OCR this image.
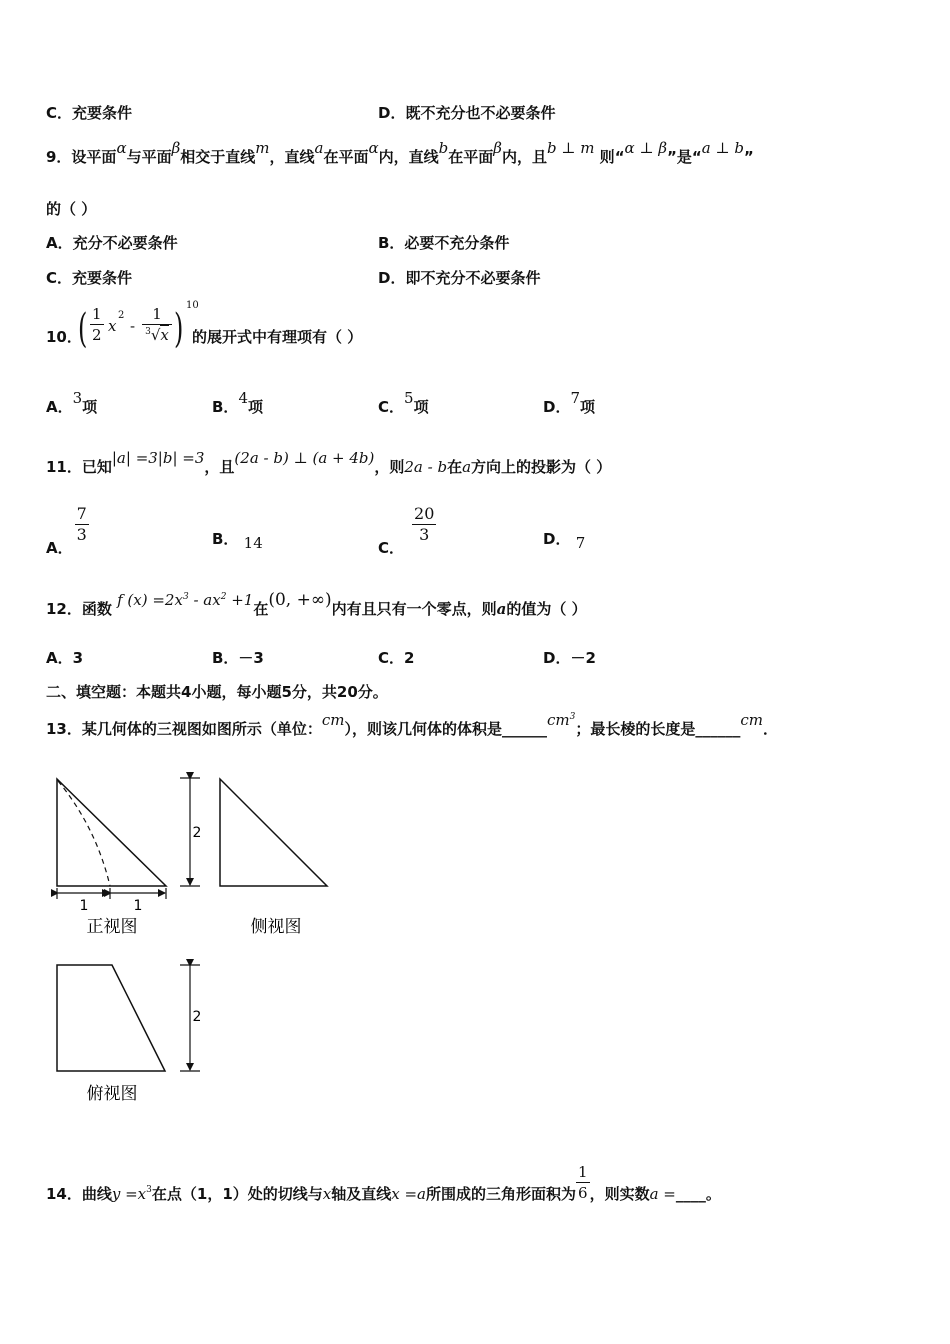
C．充要条件	D．既不充分也不必要条件
9．设平面α与平面β相交于直线m，直线a在平面α内，直线b在平面β内，且b ⊥ m 则“α ⊥ β”是“a ⊥ b”
的（ ）
A．充分不必要条件	B．必要不充分条件
C．充要条件	D．即不充分不必要条件
10．
( $\frac{1}{2}$ x
2
- $\frac{1}{^3√x}$ )
10
的展开式中有理项有（ ）
A．3项	B．4项	C．5项	D．7项
11．已知|a| =3|b| =3，且(2a - b) ⊥ (a + 4b)，则2a - b在a方向上的投影为（ ）
A．
$\frac{7}{3}$	B． 14	C．
$\frac{20}{3}$	D． 7
12．函数 f $(x) =2x^3 - ax^2 +1$在(0, +∞)内有且只有一个零点，则a的值为（ ）
A．3	B．－3	C．2	D．－2
二、填空题：本题共4小题，每小题5分，共20分。
13．某几何体的三视图如图所示（单位：cm），则该几何体的体积是$\_\_\_\_\_\_cm^3$；最长棱的长度是______cm．
1	1
正视图
2
侧视图
俯视图
2
14．曲线$y =x^3$在点（1，1）处的切线与x轴及直线x =a所围成的三角形面积为 $\frac{1}{6}$ ，则实数a =____。
